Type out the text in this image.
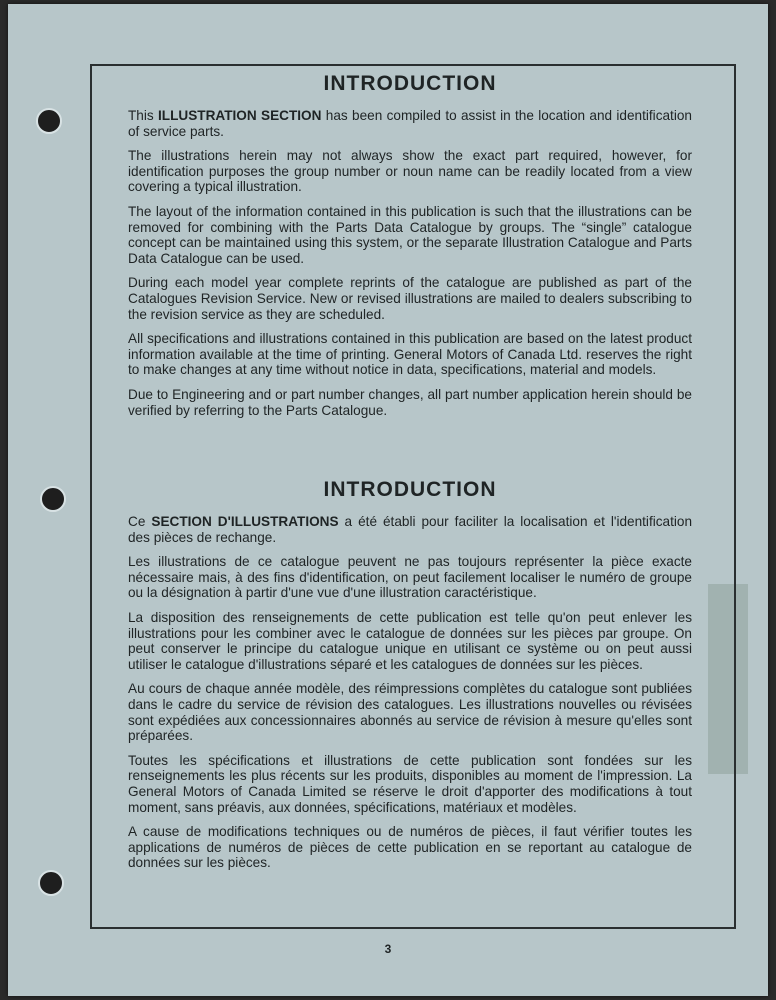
INTRODUCTION

This ILLUSTRATION SECTION has been compiled to assist in the location and identification of service parts.

The illustrations herein may not always show the exact part required, however, for identification purposes the group number or noun name can be readily located from a view covering a typical illustration.

The layout of the information contained in this publication is such that the illustrations can be removed for combining with the Parts Data Catalogue by groups. The “single” catalogue concept can be maintained using this system, or the separate Illustration Catalogue and Parts Data Catalogue can be used.

During each model year complete reprints of the catalogue are published as part of the Catalogues Revision Service. New or revised illustrations are mailed to dealers subscribing to the revision service as they are scheduled.

All specifications and illustrations contained in this publication are based on the latest product information available at the time of printing. General Motors of Canada Ltd. reserves the right to make changes at any time without notice in data, specifications, material and models.

Due to Engineering and or part number changes, all part number application herein should be verified by referring to the Parts Catalogue.

INTRODUCTION

Ce SECTION D'ILLUSTRATIONS a été établi pour faciliter la localisation et l'identification des pièces de rechange.

Les illustrations de ce catalogue peuvent ne pas toujours représenter la pièce exacte nécessaire mais, à des fins d'identification, on peut facilement localiser le numéro de groupe ou la désignation à partir d'une vue d'une illustration caractéristique.

La disposition des renseignements de cette publication est telle qu'on peut enlever les illustrations pour les combiner avec le catalogue de données sur les pièces par groupe. On peut conserver le principe du catalogue unique en utilisant ce système ou on peut aussi utiliser le catalogue d'illustrations séparé et les catalogues de données sur les pièces.

Au cours de chaque année modèle, des réimpressions complètes du catalogue sont publiées dans le cadre du service de révision des catalogues. Les illustrations nouvelles ou révisées sont expédiées aux concessionnaires abonnés au service de révision à mesure qu'elles sont préparées.

Toutes les spécifications et illustrations de cette publication sont fondées sur les renseignements les plus récents sur les produits, disponibles au moment de l'impression. La General Motors of Canada Limited se réserve le droit d'apporter des modifications à tout moment, sans préavis, aux données, spécifications, matériaux et modèles.

A cause de modifications techniques ou de numéros de pièces, il faut vérifier toutes les applications de numéros de pièces de cette publication en se reportant au catalogue de données sur les pièces.

3
